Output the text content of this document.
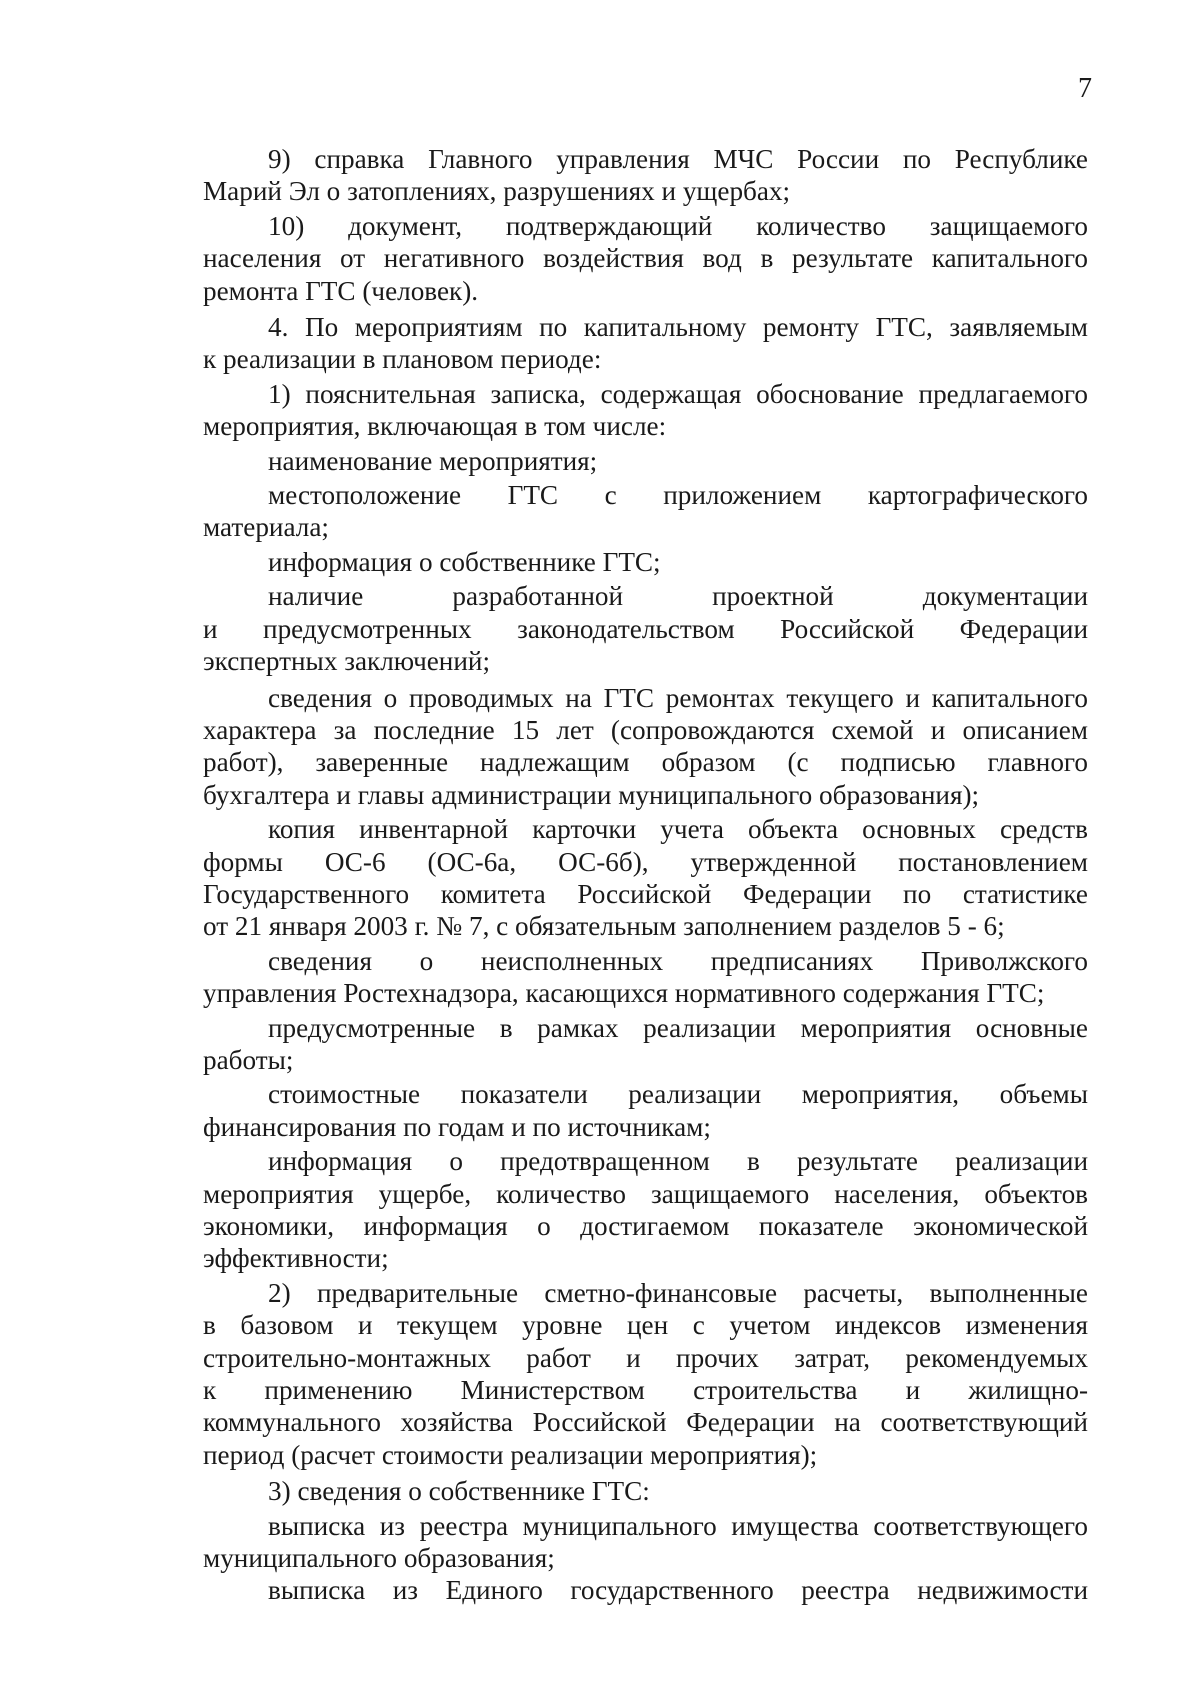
7
9) справка Главного управления МЧС России по Республике
Марий Эл о затоплениях, разрушениях и ущербах;
10) документ, подтверждающий количество защищаемого
населения от негативного воздействия вод в результате капитального
ремонта ГТС (человек).
4. По мероприятиям по капитальному ремонту ГТС, заявляемым
к реализации в плановом периоде:
1) пояснительная записка, содержащая обоснование предлагаемого
мероприятия, включающая в том числе:
наименование мероприятия;
местоположение ГТС с приложением картографического
материала;
информация о собственнике ГТС;
наличие разработанной проектной документации
и предусмотренных законодательством Российской Федерации
экспертных заключений;
сведения о проводимых на ГТС ремонтах текущего и капитального
характера за последние 15 лет (сопровождаются схемой и описанием
работ), заверенные надлежащим образом (с подписью главного
бухгалтера и главы администрации муниципального образования);
копия инвентарной карточки учета объекта основных средств
формы ОС-6 (ОС-6а, ОС-6б), утвержденной постановлением
Государственного комитета Российской Федерации по статистике
от 21 января 2003 г. № 7, с обязательным заполнением разделов 5 - 6;
сведения о неисполненных предписаниях Приволжского
управления Ростехнадзора, касающихся нормативного содержания ГТС;
предусмотренные в рамках реализации мероприятия основные
работы;
стоимостные показатели реализации мероприятия, объемы
финансирования по годам и по источникам;
информация о предотвращенном в результате реализации
мероприятия ущербе, количество защищаемого населения, объектов
экономики, информация о достигаемом показателе экономической
эффективности;
2) предварительные сметно-финансовые расчеты, выполненные
в базовом и текущем уровне цен с учетом индексов изменения
строительно-монтажных работ и прочих затрат, рекомендуемых
к применению Министерством строительства и жилищно-
коммунального хозяйства Российской Федерации на соответствующий
период (расчет стоимости реализации мероприятия);
3) сведения о собственнике ГТС:
выписка из реестра муниципального имущества соответствующего
муниципального образования;
выписка из Единого государственного реестра недвижимости
